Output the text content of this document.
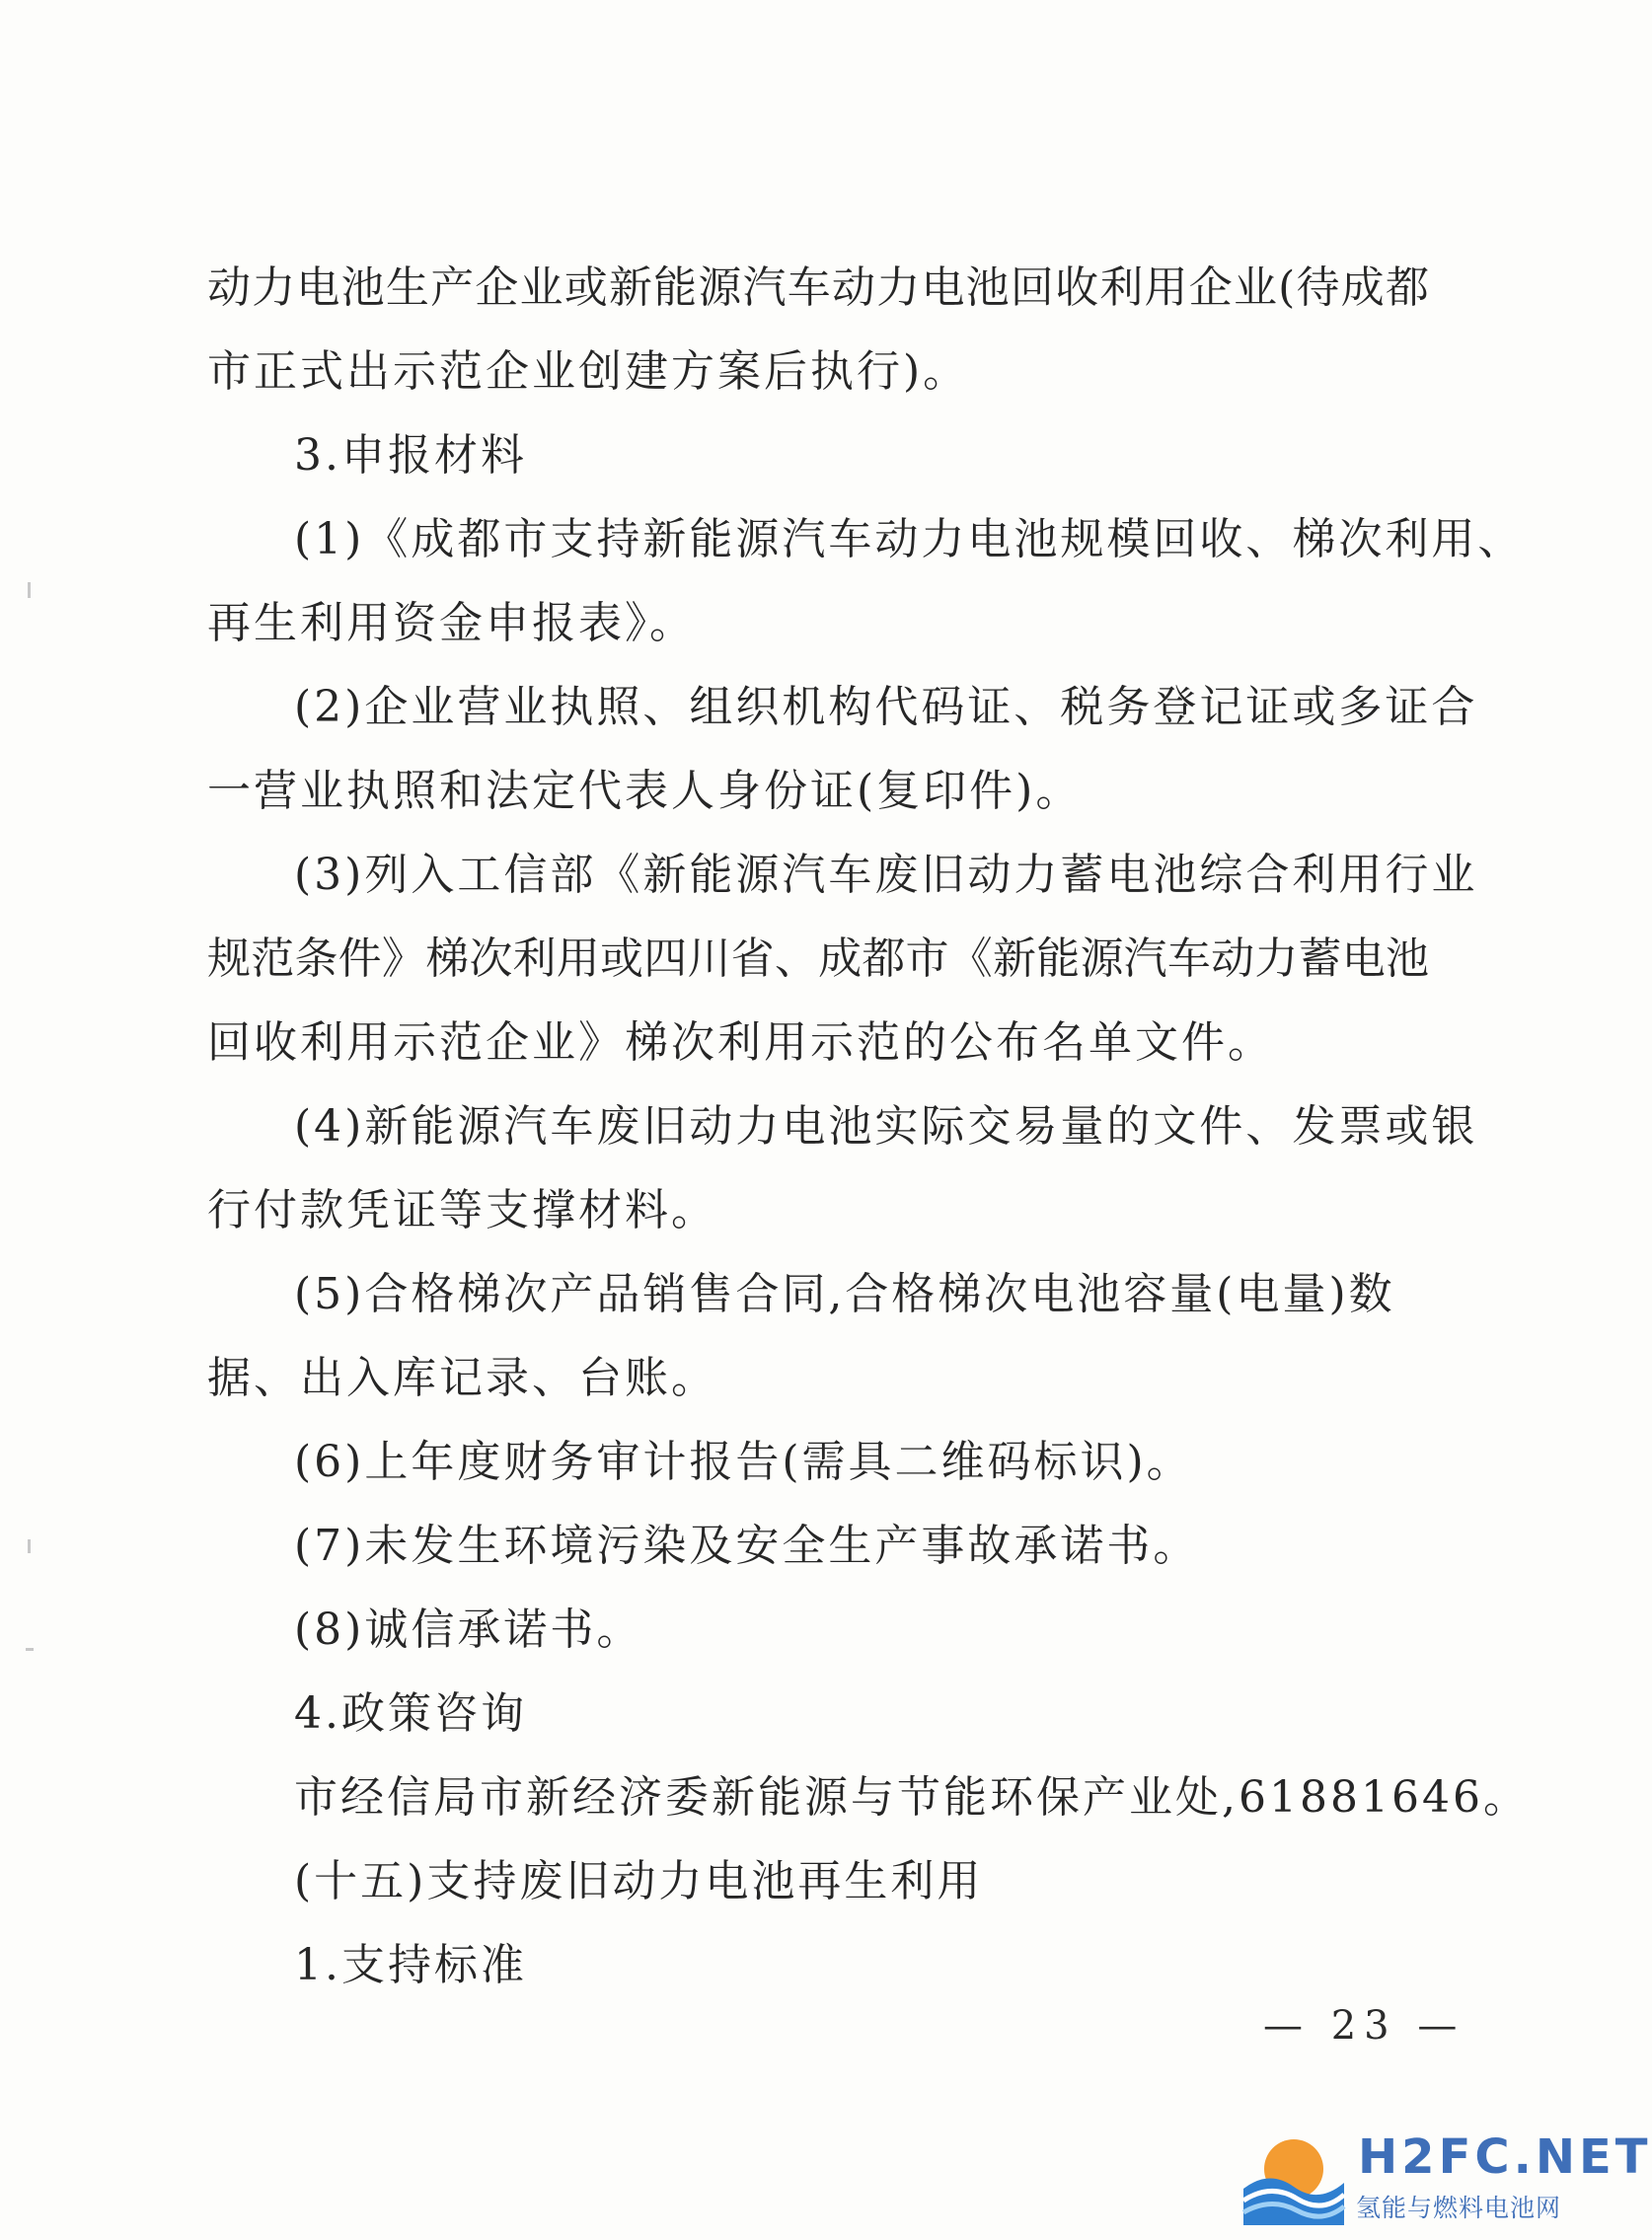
动力电池生产企业或新能源汽车动力电池回收利用企业(待成都
市正式出示范企业创建方案后执行)。
3.申报材料
(1)《成都市支持新能源汽车动力电池规模回收、梯次利用、
再生利用资金申报表》。
(2)企业营业执照、组织机构代码证、税务登记证或多证合
一营业执照和法定代表人身份证(复印件)。
(3)列入工信部《新能源汽车废旧动力蓄电池综合利用行业
规范条件》梯次利用或四川省、成都市《新能源汽车动力蓄电池
回收利用示范企业》梯次利用示范的公布名单文件。
(4)新能源汽车废旧动力电池实际交易量的文件、发票或银
行付款凭证等支撑材料。
(5)合格梯次产品销售合同,合格梯次电池容量(电量)数
据、出入库记录、台账。
(6)上年度财务审计报告(需具二维码标识)。
(7)未发生环境污染及安全生产事故承诺书。
(8)诚信承诺书。
4.政策咨询
市经信局市新经济委新能源与节能环保产业处,61881646。
(十五)支持废旧动力电池再生利用
1.支持标准
— 23 —
H2FC.NET
氢能与燃料电池网
